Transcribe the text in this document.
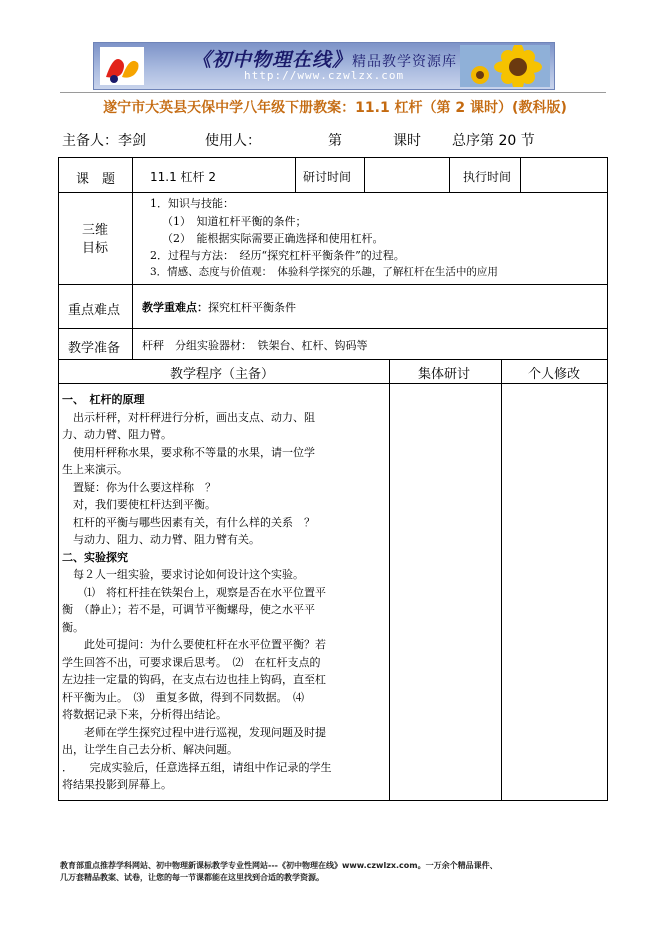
《初中物理在线》精品教学资源库
http://www.czwlzx.com
遂宁市大英县天保中学八年级下册教案：11.1 杠杆（第 2 课时）(教科版)
主备人：李剑	使用人：	第	课时 总序第 20 节
课　题	11.1 杠杆 2	研讨时间	执行时间
三维
目标
1．知识与技能：
（1）　知道杠杆平衡的条件；
（2）　能根据实际需要正确选择和使用杠杆。
2．过程与方法：　经历“探究杠杆平衡条件”的过程。
3．情感、态度与价值观：　体验科学探究的乐趣，了解杠杆在生活中的应用
重点难点 教学重难点：探究杠杆平衡条件
教学准备 杆秤　分组实验器材：　铁架台、杠杆、钩码等
教学程序（主备）	集体研讨	个人修改
一、　杠杆的原理
　出示杆秤，对杆秤进行分析，画出支点、动力、阻
力、动力臂、阻力臂。
　使用杆秤称水果，要求称不等量的水果，请一位学
生上来演示。
　置疑：你为什么要这样称　？
　对，我们要使杠杆达到平衡。
　杠杆的平衡与哪些因素有关，有什么样的关系　？
　与动力、阻力、动力臂、阻力臂有关。
二、实验探究
　每２人一组实验，要求讨论如何设计这个实验。
　　⑴　将杠杆挂在铁架台上，观察是否在水平位置平
衡　（静止）；若不是，可调节平衡螺母，使之水平平
衡。
　　此处可提问：为什么要使杠杆在水平位置平衡？若
学生回答不出，可要求课后思考。　⑵　在杠杆支点的
左边挂一定量的钩码，在支点右边也挂上钩码，直至杠
杆平衡为止。　⑶　重复多做，得到不同数据。　⑷
将数据记录下来，分析得出结论。
　　老师在学生探究过程中进行巡视，发现问题及时提
出，让学生自己去分析、解决问题。
．　　完成实验后，任意选择五组，请组中作记录的学生
将结果投影到屏幕上。
教育部重点推荐学科网站、初中物理新课标教学专业性网站---《初中物理在线》www.czwlzx.com。一万余个精品课件、
几万套精品教案、试卷，让您的每一节课都能在这里找到合适的教学资源。
